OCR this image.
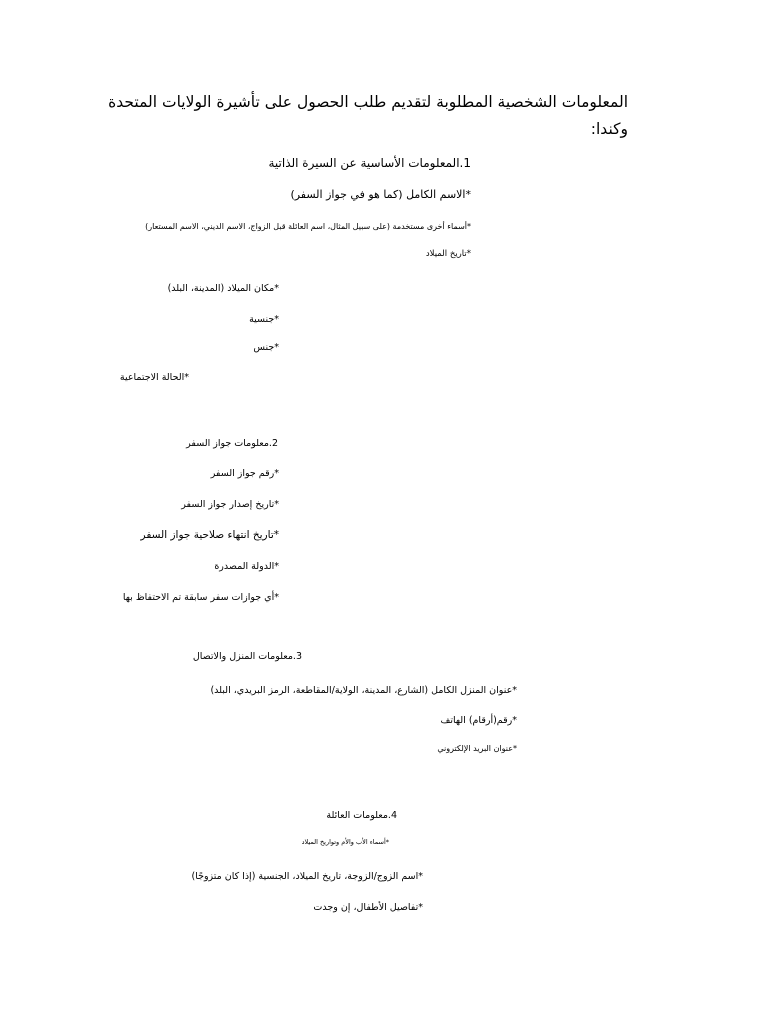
المعلومات الشخصية المطلوبة لتقديم طلب الحصول على تأشيرة الولايات المتحدة وكندا:
1.المعلومات الأساسية عن السيرة الذاتية
*الاسم الكامل (كما هو في جواز السفر)
*أسماء أخرى مستخدمة (على سبيل المثال، اسم العائلة قبل الزواج، الاسم الديني، الاسم المستعار)
*تاريخ الميلاد
*مكان الميلاد (المدينة، البلد)
*جنسية
*جنس
*الحالة الاجتماعية
2.معلومات جواز السفر
*رقم جواز السفر
*تاريخ إصدار جواز السفر
*تاريخ انتهاء صلاحية جواز السفر
*الدولة المصدرة
*أي جوازات سفر سابقة تم الاحتفاظ بها
3.معلومات المنزل والاتصال
*عنوان المنزل الكامل (الشارع، المدينة، الولاية/المقاطعة، الرمز البريدي، البلد)
*رقم(أرقام) الهاتف
*عنوان البريد الإلكتروني
4.معلومات العائلة
*أسماء الأب والأم وتواريخ الميلاد
*اسم الزوج/الزوجة، تاريخ الميلاد، الجنسية (إذا كان متزوجًا)
*تفاصيل الأطفال، إن وجدت
